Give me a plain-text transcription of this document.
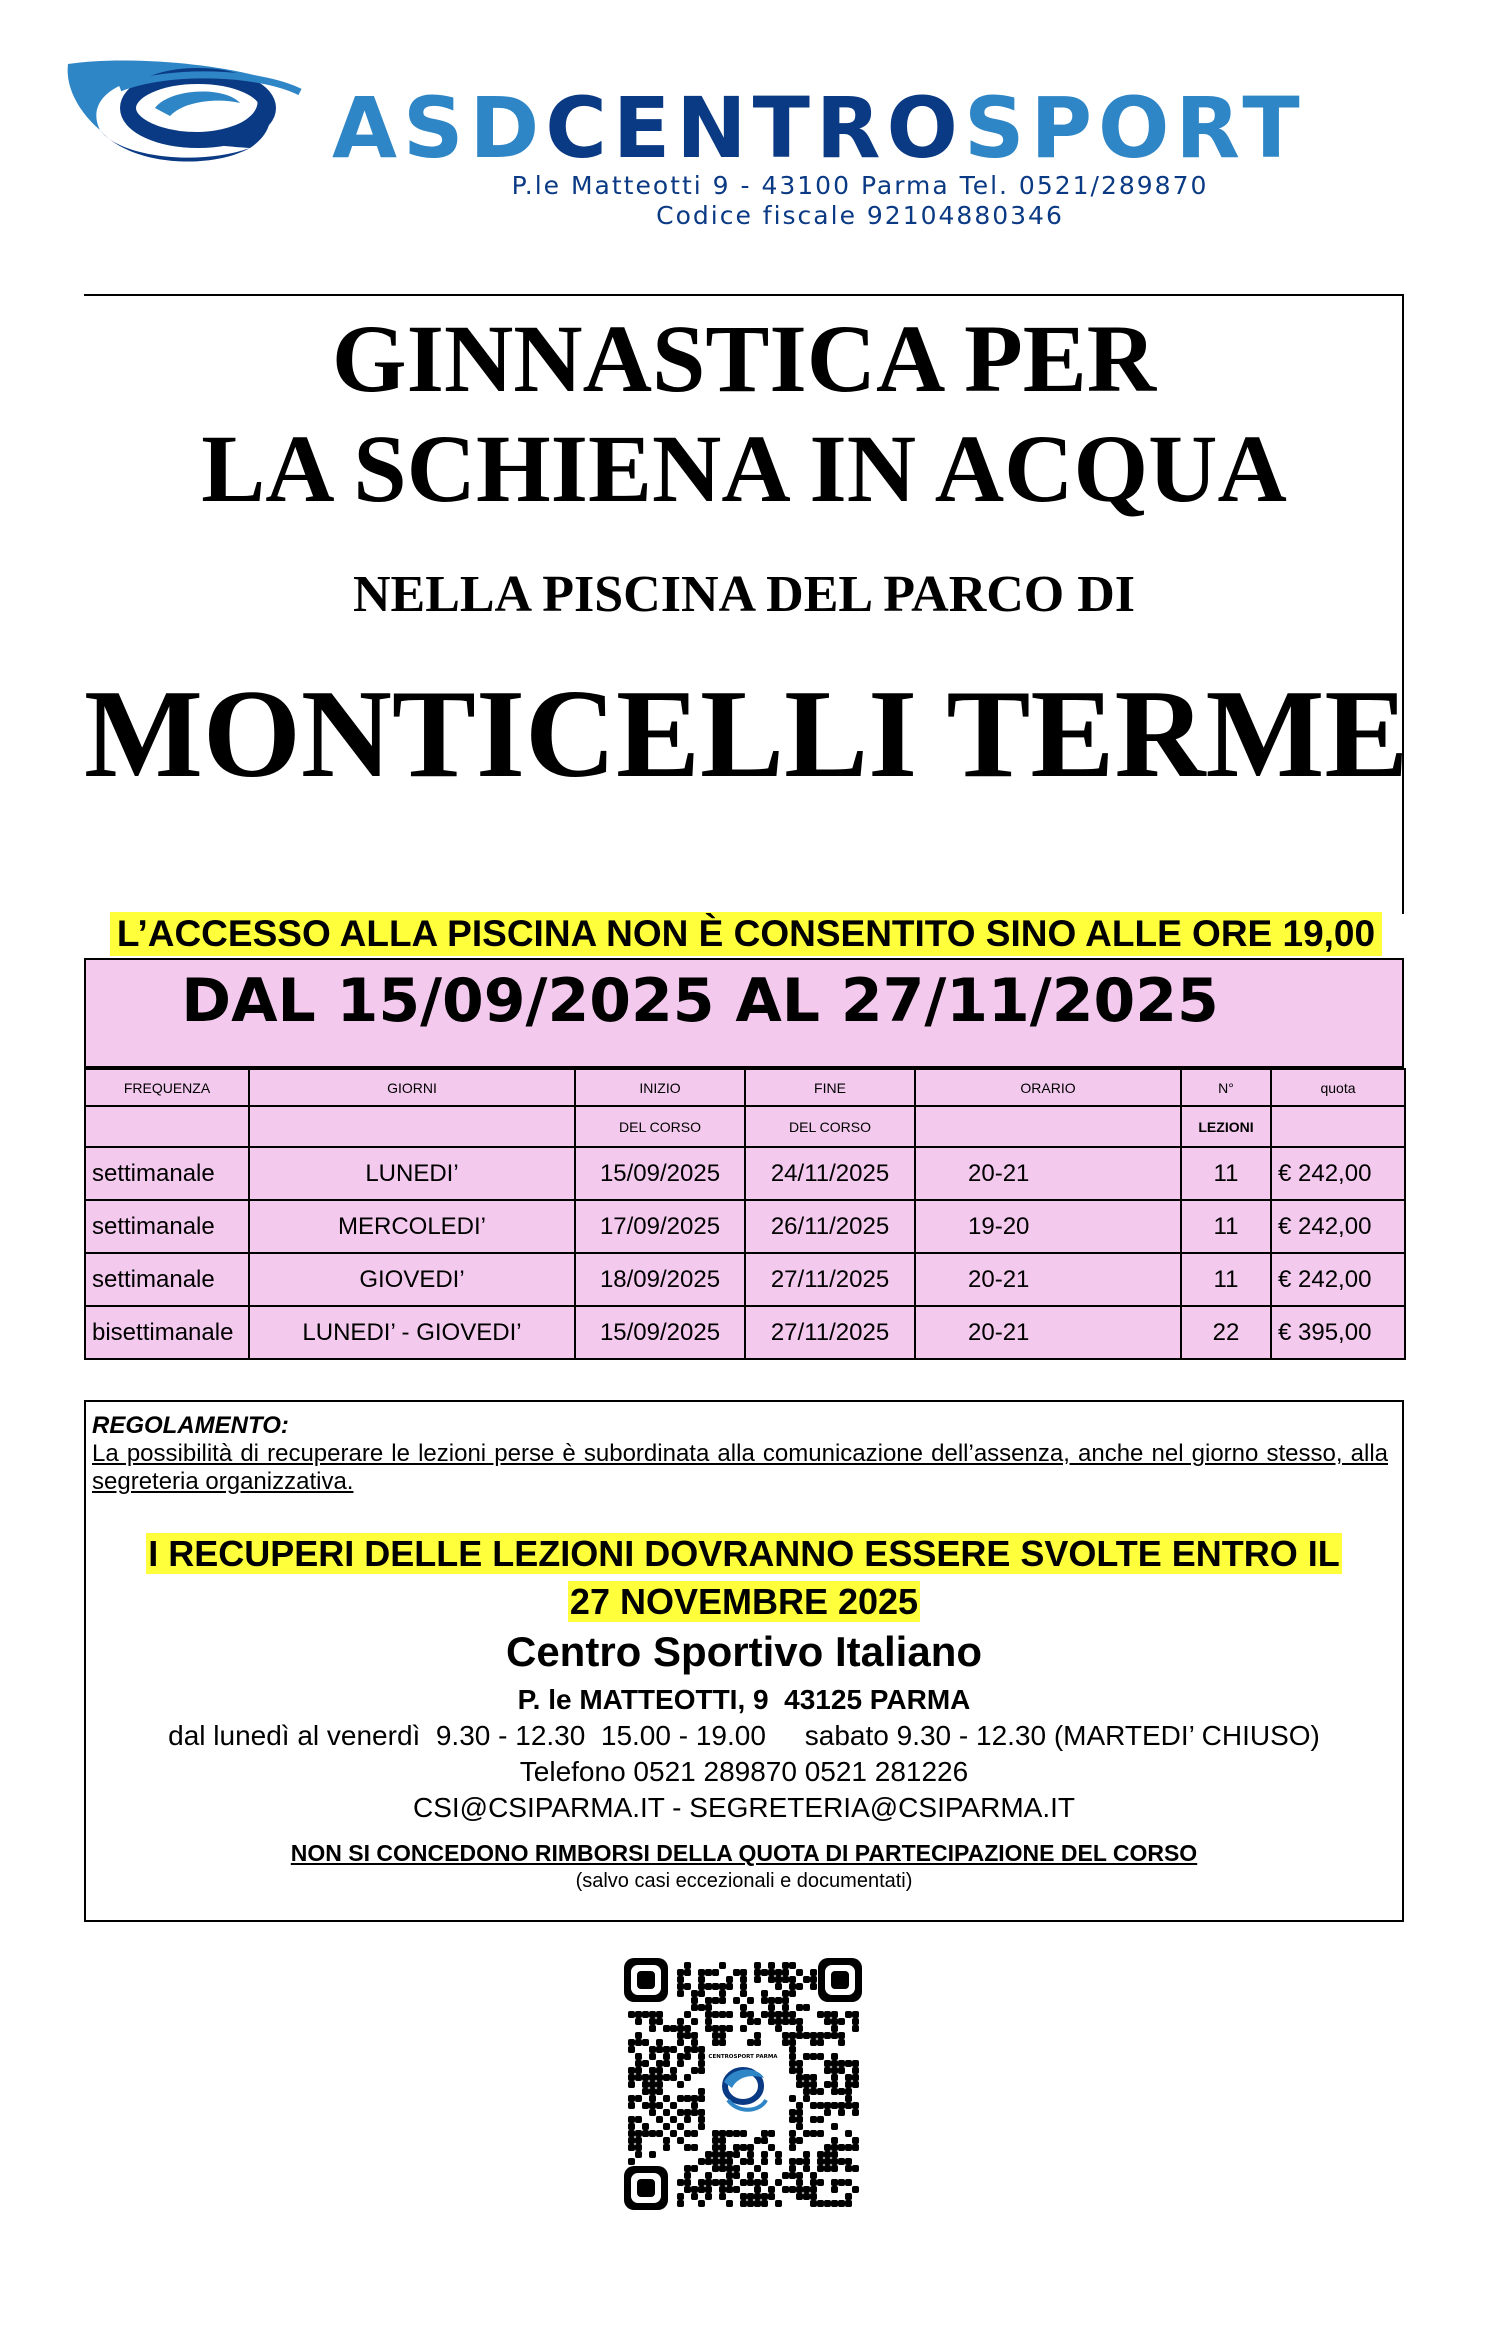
ASDCENTROSPORT
P.le Matteotti 9 - 43100 Parma Tel. 0521/289870
Codice fiscale 92104880346
GINNASTICA PER
LA SCHIENA IN ACQUA
NELLA PISCINA DEL PARCO DI
MONTICELLI TERME
L’ACCESSO ALLA PISCINA NON È CONSENTITO SINO ALLE ORE 19,00
DAL 15/09/2025 AL 27/11/2025
FREQUENZA	GIORNI	INIZIO	FINE	ORARIO	N°	quota
		DEL CORSO	DEL CORSO		LEZIONI	
settimanale	LUNEDI’	15/09/2025	24/11/2025	20-21	11	€ 242,00
settimanale	MERCOLEDI’	17/09/2025	26/11/2025	19-20	11	€ 242,00
settimanale	GIOVEDI’	18/09/2025	27/11/2025	20-21	11	€ 242,00
bisettimanale	LUNEDI’ - GIOVEDI’	15/09/2025	27/11/2025	20-21	22	€ 395,00
REGOLAMENTO:
La possibilità di recuperare le lezioni perse è subordinata alla comunicazione dell’assenza, anche nel giorno stesso, alla segreteria organizzativa.
I RECUPERI DELLE LEZIONI DOVRANNO ESSERE SVOLTE ENTRO IL
27 NOVEMBRE 2025
Centro Sportivo Italiano
P. le MATTEOTTI, 9  43125 PARMA
dal lunedì al venerdì  9.30 - 12.30  15.00 - 19.00     sabato 9.30 - 12.30 (MARTEDI’ CHIUSO)
Telefono 0521 289870 0521 281226
CSI@CSIPARMA.IT - SEGRETERIA@CSIPARMA.IT
NON SI CONCEDONO RIMBORSI DELLA QUOTA DI PARTECIPAZIONE DEL CORSO
(salvo casi eccezionali e documentati)
CENTROSPORT PARMA
